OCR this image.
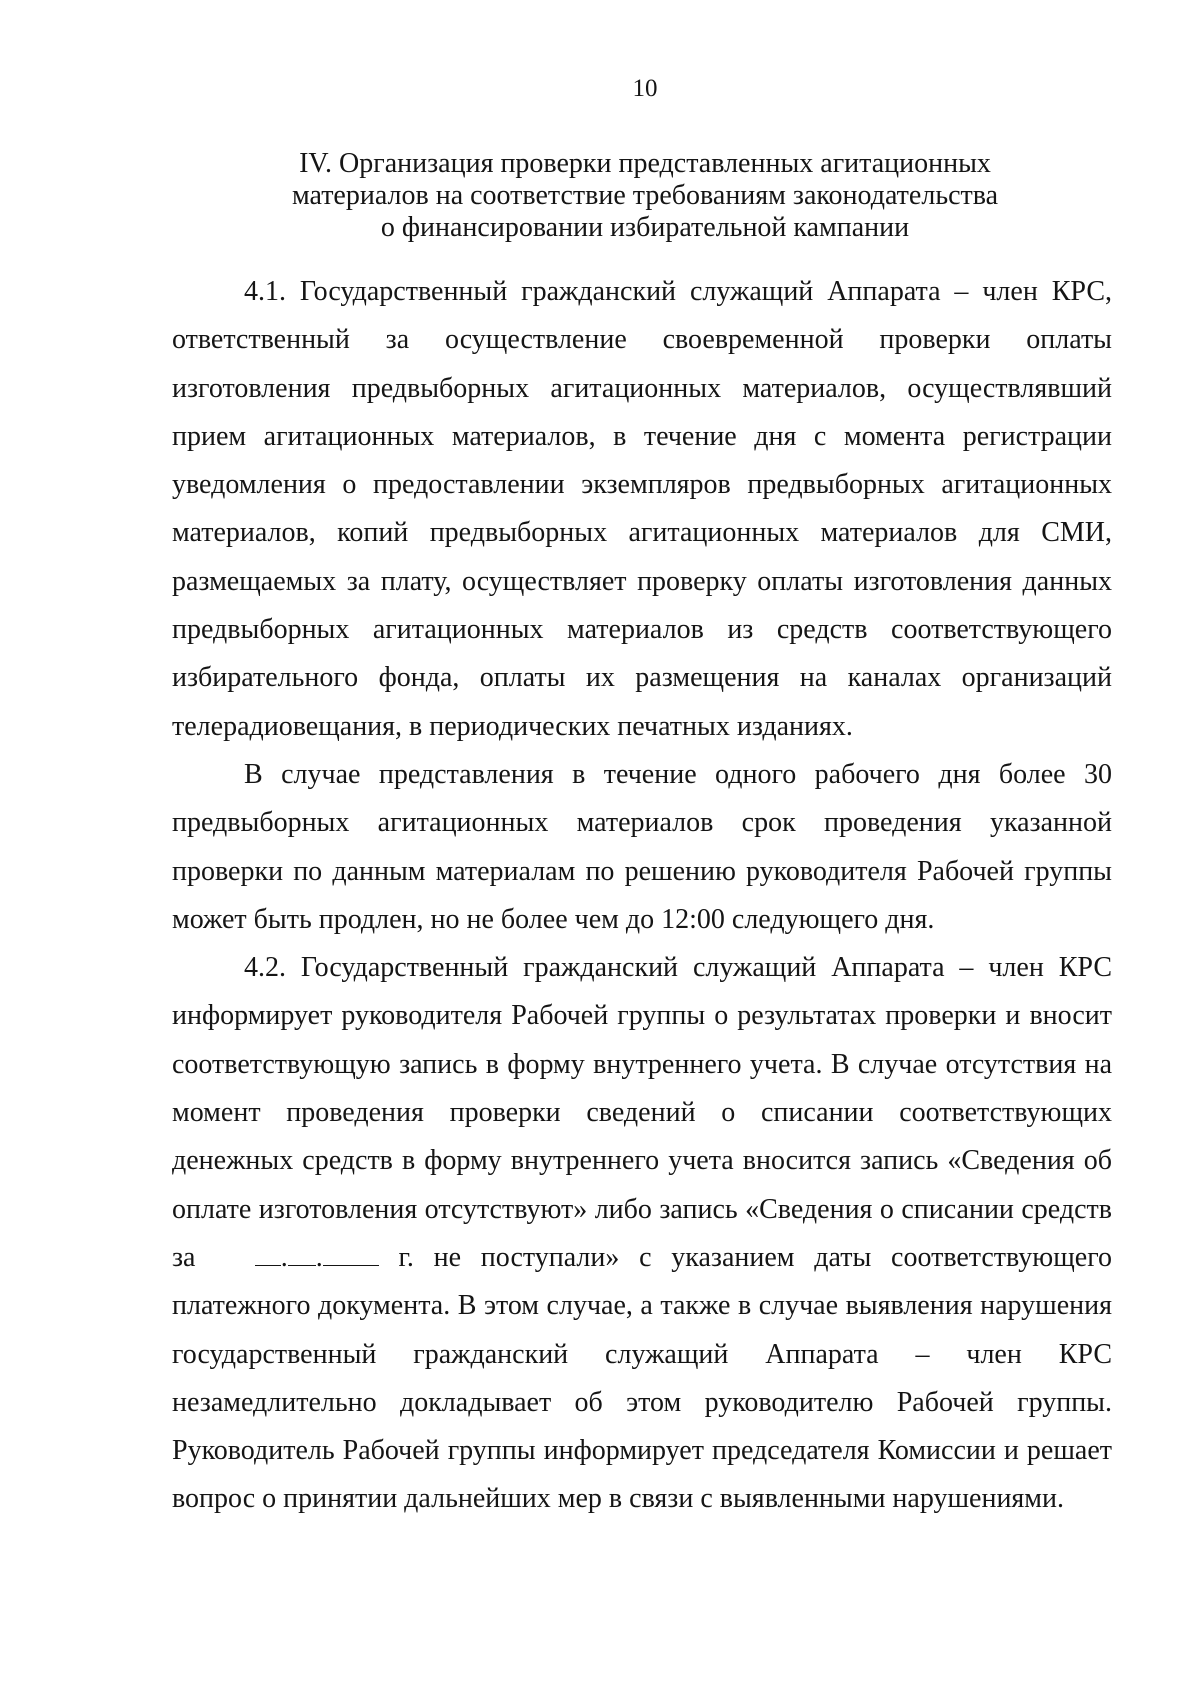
10
IV. Организация проверки представленных агитационных
материалов на соответствие требованиям законодательства
о финансировании избирательной кампании

4.1. Государственный гражданский служащий Аппарата – член КРС, ответственный за осуществление своевременной проверки оплаты изготовления предвыборных агитационных материалов, осуществлявший прием агитационных материалов, в течение дня с момента регистрации уведомления о предоставлении экземпляров предвыборных агитационных материалов, копий предвыборных агитационных материалов для СМИ, размещаемых за плату, осуществляет проверку оплаты изготовления данных предвыборных агитационных материалов из средств соответствующего избирательного фонда, оплаты их размещения на каналах организаций телерадиовещания, в периодических печатных изданиях.

В случае представления в течение одного рабочего дня более 30 предвыборных агитационных материалов срок проведения указанной проверки по данным материалам по решению руководителя Рабочей группы может быть продлен, но не более чем до 12:00 следующего дня.

4.2. Государственный гражданский служащий Аппарата – член КРС информирует руководителя Рабочей группы о результатах проверки и вносит соответствующую запись в форму внутреннего учета. В случае отсутствия на момент проведения проверки сведений о списании соответствующих денежных средств в форму внутреннего учета вносится запись «Сведения об оплате изготовления отсутствуют» либо запись «Сведения о списании средств за	. .	г. не поступали» с указанием даты соответствующего платежного документа. В этом случае, а также в случае выявления нарушения государственный гражданский служащий Аппарата – член КРС незамедлительно докладывает об этом руководителю Рабочей группы. Руководитель Рабочей группы информирует председателя Комиссии и решает вопрос о принятии дальнейших мер в связи с выявленными нарушениями.
